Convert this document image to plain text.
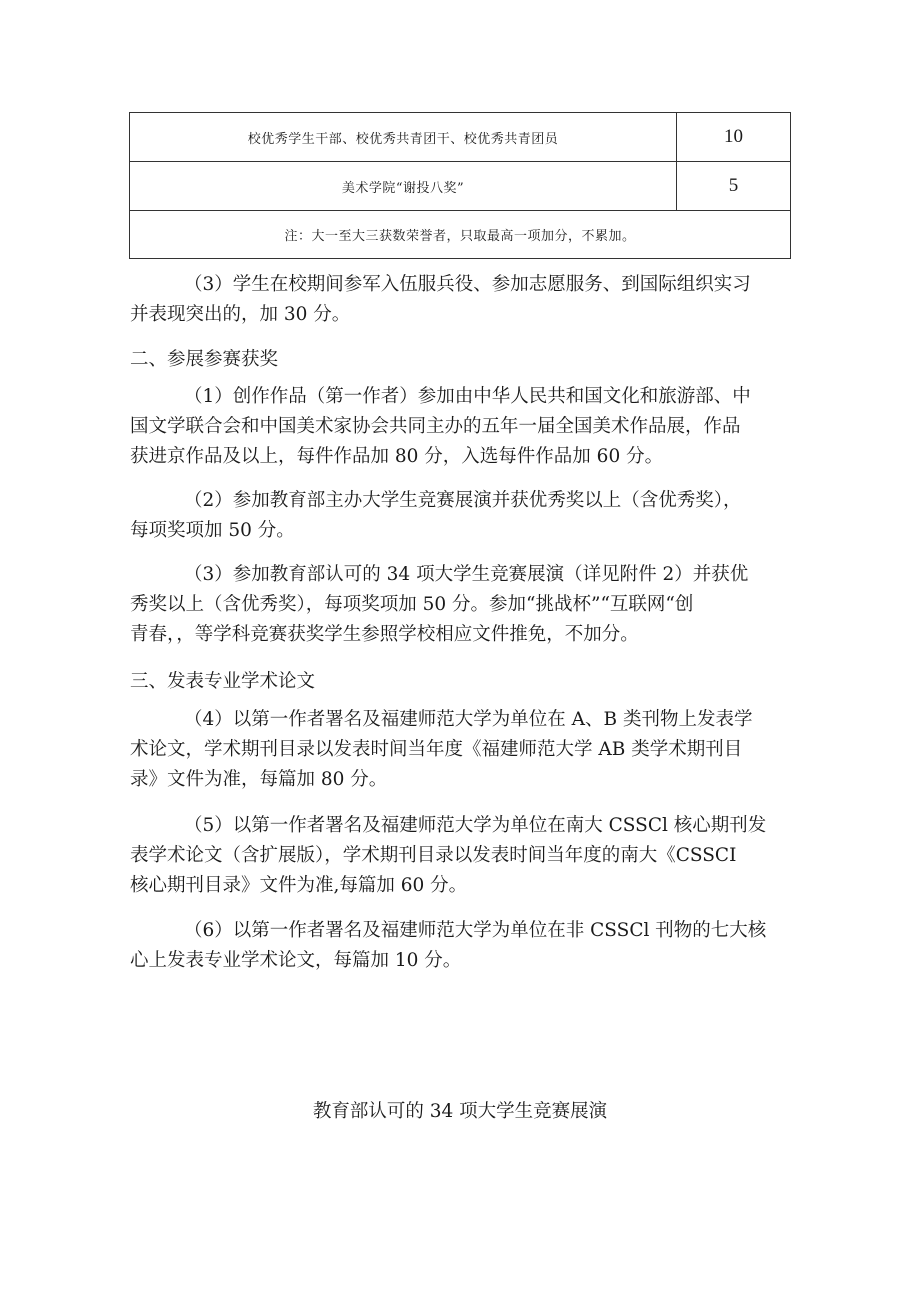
校优秀学生干部、校优秀共青团干、校优秀共青团员	10
美术学院“谢投八奖”	5
注：大一至大三获数荣誉者，只取最高一项加分，不累加。	

（3）学生在校期间参军入伍服兵役、参加志愿服务、到国际组织实习
并表现突出的，加 30 分。

二、参展参赛获奖

（1）创作作品（第一作者）参加由中华人民共和国文化和旅游部、中
国文学联合会和中国美术家协会共同主办的五年一届全国美术作品展，作品
获进京作品及以上，每件作品加 80 分，入选每件作品加 60 分。

（2）参加教育部主办大学生竞赛展演并获优秀奖以上（含优秀奖），
每项奖项加 50 分。

（3）参加教育部认可的 34 项大学生竞赛展演（详见附件 2）并获优
秀奖以上（含优秀奖），每项奖项加 50 分。参加“挑战杯”“互联网“创
青春，，等学科竞赛获奖学生参照学校相应文件推免，不加分。

三、发表专业学术论文

（4）以第一作者署名及福建师范大学为单位在 A、B 类刊物上发表学
术论文，学术期刊目录以发表时间当年度《福建师范大学 AB 类学术期刊目
录》文件为准，每篇加 80 分。

（5）以第一作者署名及福建师范大学为单位在南大 CSSCl 核心期刊发
表学术论文（含扩展版），学术期刊目录以发表时间当年度的南大《CSSCI
核心期刊目录》文件为准,每篇加 60 分。

（6）以第一作者署名及福建师范大学为单位在非 CSSCl 刊物的七大核
心上发表专业学术论文，每篇加 10 分。

教育部认可的 34 项大学生竞赛展演
